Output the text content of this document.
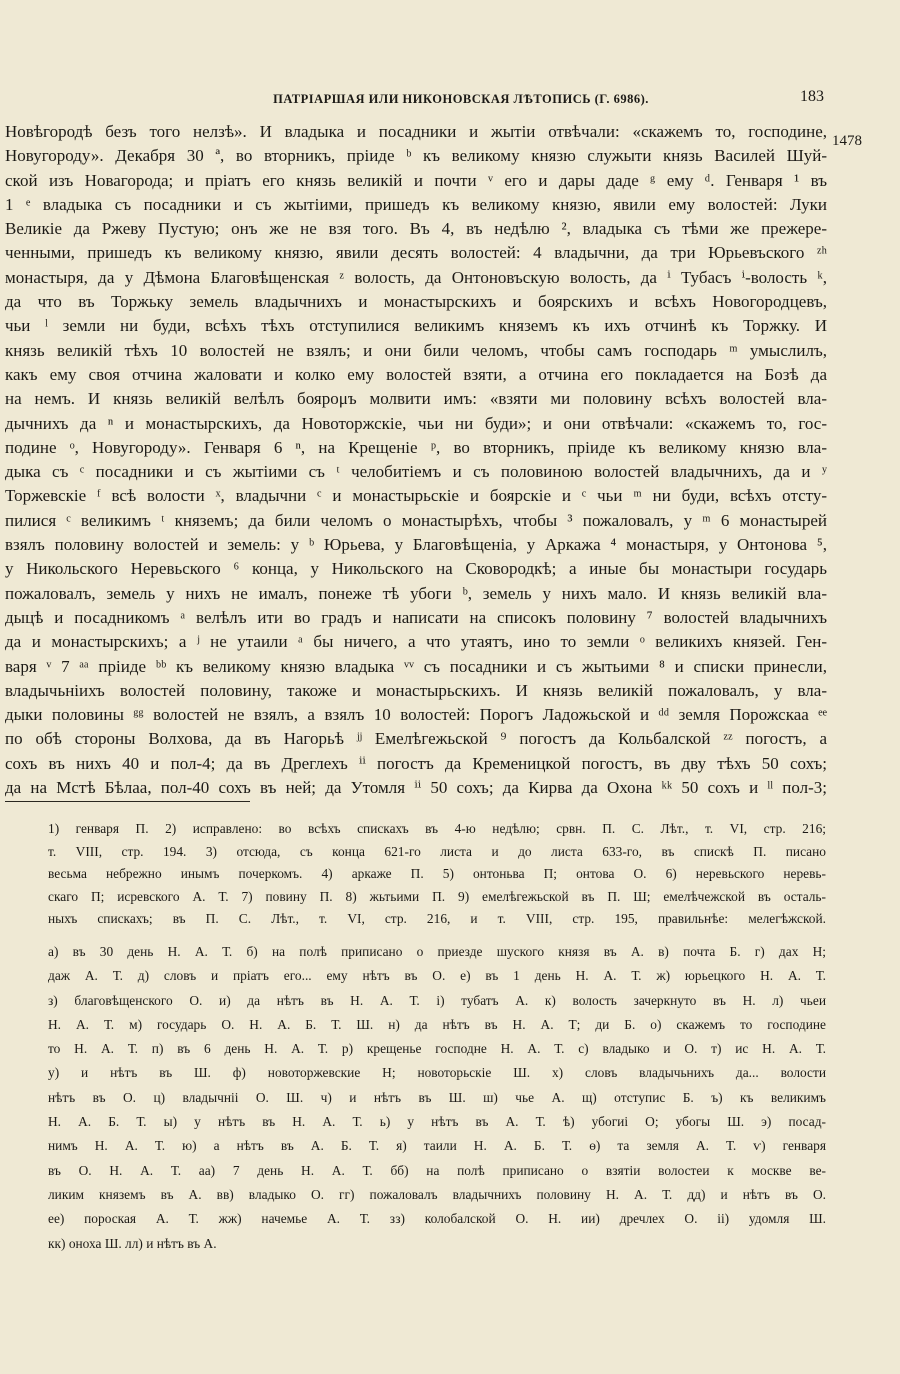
ПАТРІАРШАЯ ИЛИ НИКОНОВСКАЯ ЛѢТОПИСЬ (Г. 6986).	183
1478
Новѣгородѣ безъ того нелзѣ». И владыка и посадники и жытіи отвѣчали: «скажемъ то, господине,
Новугороду». Декабря 30 ª, во вторникъ, пріиде ᵇ къ великому князю служыти князь Василей Шуй-
ской изъ Новагорода; и пріатъ его князь великій и почти ᵛ его и дары даде ᵍ ему ᵈ. Генваря ¹ въ
1 ᵉ владыка съ посадники и съ жытіими, пришедъ къ великому князю, явили ему волостей: Луки
Великіе да Ржеву Пустую; онъ же не взя того. Въ 4, въ недѣлю ², владыка съ тѣми же прежере-
ченными, пришедъ къ великому князю, явили десять волостей: 4 владычни, да три Юрьевъского ᶻʰ
монастыря, да у Дѣмона Благовѣщенская ᶻ волость, да Онтоновъскую волость, да ⁱ Тубасъ ⁱ-волость ᵏ,
да что въ Торжьку земель владычнихъ и монастырскихъ и боярскихъ и всѣхъ Новогородцевъ,
чьи ˡ земли ни буди, всѣхъ тѣхъ отступилися великимъ княземъ къ ихъ отчинѣ къ Торжку. И
князь великій тѣхъ 10 волостей не взялъ; и они били челомъ, чтобы самъ господарь ᵐ умыслилъ,
какъ ему своя отчина жаловати и колко ему волостей взяти, а отчина его покладается на Бозѣ да
на немъ. И князь великій велѣлъ боярομъ молвити имъ: «взяти ми половину всѣхъ волостей вла-
дычнихъ да ⁿ и монастырскихъ, да Новоторжскіе, чьи ни буди»; и они отвѣчали: «скажемъ то, гос-
подине ᵒ, Новугороду». Генваря 6 ⁿ, на Крещеніе ᵖ, во вторникъ, пріиде къ великому князю вла-
дыка съ ᶜ посадники и съ жытіими съ ᵗ челобитіемъ и съ половиною волостей владычнихъ, да и ʸ
Торжевскіе ᶠ всѣ волости ˣ, владычни ᶜ и монастырьскіе и боярскіе и ᶜ чьи ᵐ ни буди, всѣхъ отсту-
пилися ᶜ великимъ ᵗ княземъ; да били челомъ о монастырѣхъ, чтобы ³ пожаловалъ, у ᵐ 6 монастырей
взялъ половину волостей и земель: у ᵇ Юрьева, у Благовѣщеніа, у Аркажа ⁴ монастыря, у Онтонова ⁵,
у Никольского Неревьского ⁶ конца, у Никольского на Сковородкѣ; а иные бы монастыри государь
пожаловалъ, земель у нихъ не ималъ, понеже тѣ убоги ᵇ, земель у нихъ мало. И князь великій вла-
дыцѣ и посадникомъ ᵃ велѣлъ ити во градъ и написати на списокъ половину ⁷ волостей владычнихъ
да и монастырскихъ; а ʲ не утаили ᵃ бы ничего, а что утаятъ, ино то земли ᵒ великихъ князей. Ген-
варя ᵛ 7 ᵃᵃ пріиде ᵇᵇ къ великому князю владыка ᵛᵛ съ посадники и съ жытьими ⁸ и списки принесли,
владычьніихъ волостей половину, такоже и монастырьскихъ. И князь великій пожаловалъ, у вла-
дыки половины ᵍᵍ волостей не взялъ, а взялъ 10 волостей: Порогъ Ладожьской и ᵈᵈ земля Порожскаа ᵉᵉ
по обѣ стороны Волхова, да въ Нагорьѣ ʲʲ Емелѣгежьской ⁹ погостъ да Кольбалской ᶻᶻ погостъ, а
сохъ въ нихъ 40 и пол-4; да въ Дреглехъ ⁱⁱ погостъ да Кременицкой погостъ, въ дву тѣхъ 50 сохъ;
да на Мстѣ Бѣлаа, пол-40 сохъ въ ней; да Утомля ⁱⁱ 50 сохъ; да Кирва да Охона ᵏᵏ 50 сохъ и ˡˡ пол-3;
1) генваря П. 2) исправлено: во всѣхъ спискахъ въ 4-ю недѣлю; срвн. П. С. Лѣт., т. VI, стр. 216;
т. VIII, стр. 194. 3) отсюда, съ конца 621-го листа и до листа 633-го, въ спискѣ П. писано
весьма небрежно инымъ почеркомъ. 4) аркаже П. 5) онтоньва П; онтова О. 6) неревьского неревь-
скаго П; исревского А. Т. 7) повину П. 8) жьтьими П. 9) емелѣгежьской въ П. Ш; емелѣчежской въ осталь-
ныхъ спискахъ; въ П. С. Лѣт., т. VI, стр. 216, и т. VIII, стр. 195, правильнѣе: мелегѣжской.
а) въ 30 день Н. А. Т. б) на полѣ приписано о приезде шуского князя въ А. в) почта Б. г) дах Н;
даж А. Т. д) словъ и пріатъ его... ему нѣтъ въ О. е) въ 1 день Н. А. Т. ж) юрьецкого Н. А. Т.
з) благовѣщенского О. и) да нѣтъ въ Н. А. Т. і) тубатъ А. к) волость зачеркнуто въ Н. л) чьеи
Н. А. Т. м) государь О. Н. А. Б. Т. Ш. н) да нѣтъ въ Н. А. Т; ди Б. о) скажемъ то господине
то Н. А. Т. п) въ 6 день Н. А. Т. р) крещенье господне Н. А. Т. с) владыко и О. т) ис Н. А. Т.
у) и нѣтъ въ Ш. ф) новоторжевские Н; новоторьскіе Ш. х) словъ владычьнихъ да... волости
нѣтъ въ О. ц) владычніі О. Ш. ч) и нѣтъ въ Ш. ш) чье А. щ) отступис Б. ъ) къ великимъ
Н. А. Б. Т. ы) у нѣтъ въ Н. А. Т. ь) у нѣтъ въ А. Т. ѣ) убогиі О; убогы Ш. э) посад-
нимъ Н. А. Т. ю) а нѣтъ въ А. Б. Т. я) таили Н. А. Б. Т. ѳ) та земля А. Т. ѵ) генваря
въ О. Н. А. Т. аа) 7 день Н. А. Т. бб) на полѣ приписано о взятіи волостеи к москве ве-
ликим княземъ въ А. вв) владыко О. гг) пожаловалъ владычнихъ половину Н. А. Т. дд) и нѣтъ въ О.
ее) пороская А. Т. жж) начемье А. Т. зз) колобалской О. Н. ии) дречлех О. іі) удомля Ш.
кк) оноха Ш. лл) и нѣтъ въ А.
